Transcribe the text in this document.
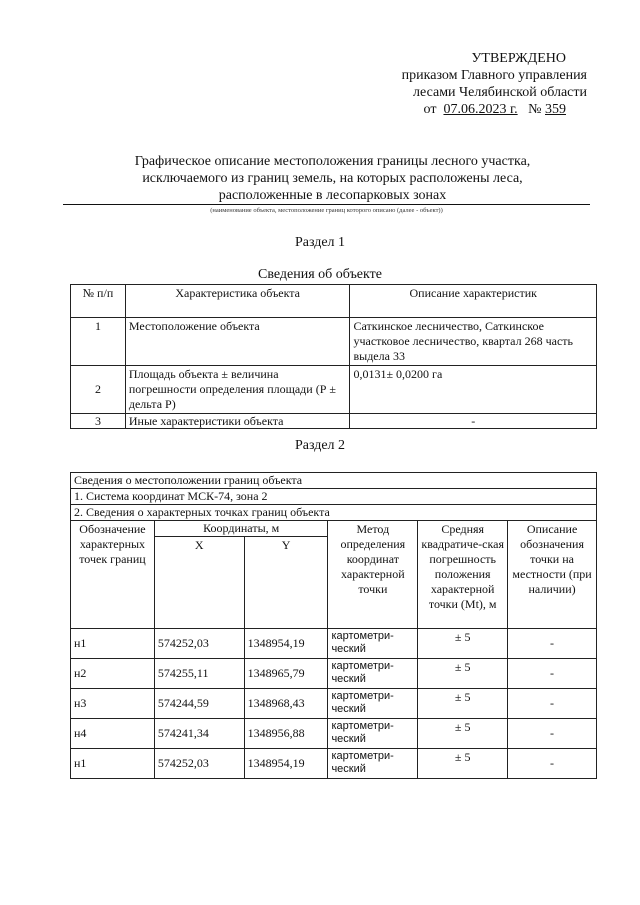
УТВЕРЖДЕНО
приказом Главного управления
лесами Челябинской области
от 07.06.2023 г. № 359
Графическое описание местоположения границы лесного участка,
исключаемого из границ земель, на которых расположены леса,
расположенные в лесопарковых зонах
(наименование объекта, местоположение границ которого описано (далее - объект))
Раздел 1
Сведения об объекте
№ п/п	Характеристика объекта	Описание характеристик
1	Местоположение объекта	Саткинское лесничество, Саткинское участковое лесничество, квартал 268 часть выдела 33
2	Площадь объекта ± величина погрешности определения площади (Р ± дельта Р)	0,0131± 0,0200 га
3	Иные характеристики объекта	-
Раздел 2
Сведения о местоположении границ объекта					
1. Система координат МСК-74, зона 2					
2. Сведения о характерных точках границ объекта					
Обозначение характерных точек границ	Координаты, м		Метод определения координат характерной точки	Средняя квадратиче-ская погрешность положения характерной точки (Mt), м	Описание обозначения точки на местности (при наличии)
	X	Y			
н1	574252,03	1348954,19	картометри-ческий	± 5	-
н2	574255,11	1348965,79	картометри-ческий	± 5	-
н3	574244,59	1348968,43	картометри-ческий	± 5	-
н4	574241,34	1348956,88	картометри-ческий	± 5	-
н1	574252,03	1348954,19	картометри-ческий	± 5	-
